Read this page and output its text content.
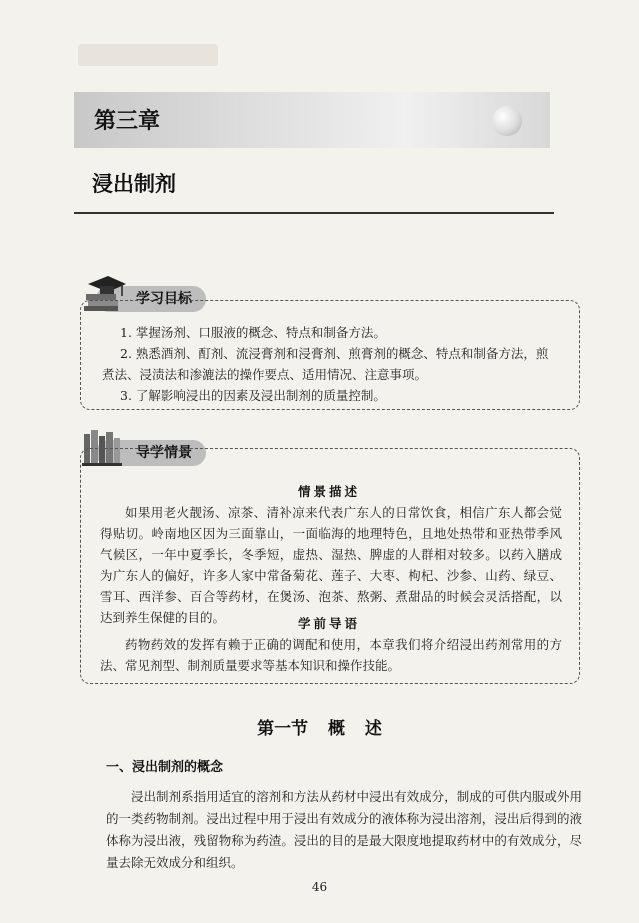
第三章
浸出制剂
学习目标
1. 掌握汤剂、口服液的概念、特点和制备方法。
2. 熟悉酒剂、酊剂、流浸膏剂和浸膏剂、煎膏剂的概念、特点和制备方法，煎煮法、浸渍法和渗漉法的操作要点、适用情况、注意事项。
3. 了解影响浸出的因素及浸出制剂的质量控制。
导学情景
情景描述
如果用老火靓汤、凉茶、清补凉来代表广东人的日常饮食，相信广东人都会觉得贴切。岭南地区因为三面靠山，一面临海的地理特色，且地处热带和亚热带季风气候区，一年中夏季长，冬季短，虚热、湿热、脾虚的人群相对较多。以药入膳成为广东人的偏好，许多人家中常备菊花、莲子、大枣、枸杞、沙参、山药、绿豆、雪耳、西洋参、百合等药材，在煲汤、泡茶、熬粥、煮甜品的时候会灵活搭配，以达到养生保健的目的。	学前导语
药物药效的发挥有赖于正确的调配和使用，本章我们将介绍浸出药剂常用的方法、常见剂型、制剂质量要求等基本知识和操作技能。
第一节 概 述
一、浸出制剂的概念
浸出制剂系指用适宜的溶剂和方法从药材中浸出有效成分，制成的可供内服或外用的一类药物制剂。浸出过程中用于浸出有效成分的液体称为浸出溶剂，浸出后得到的液体称为浸出液，残留物称为药渣。浸出的目的是最大限度地提取药材中的有效成分，尽量去除无效成分和组织。
46
